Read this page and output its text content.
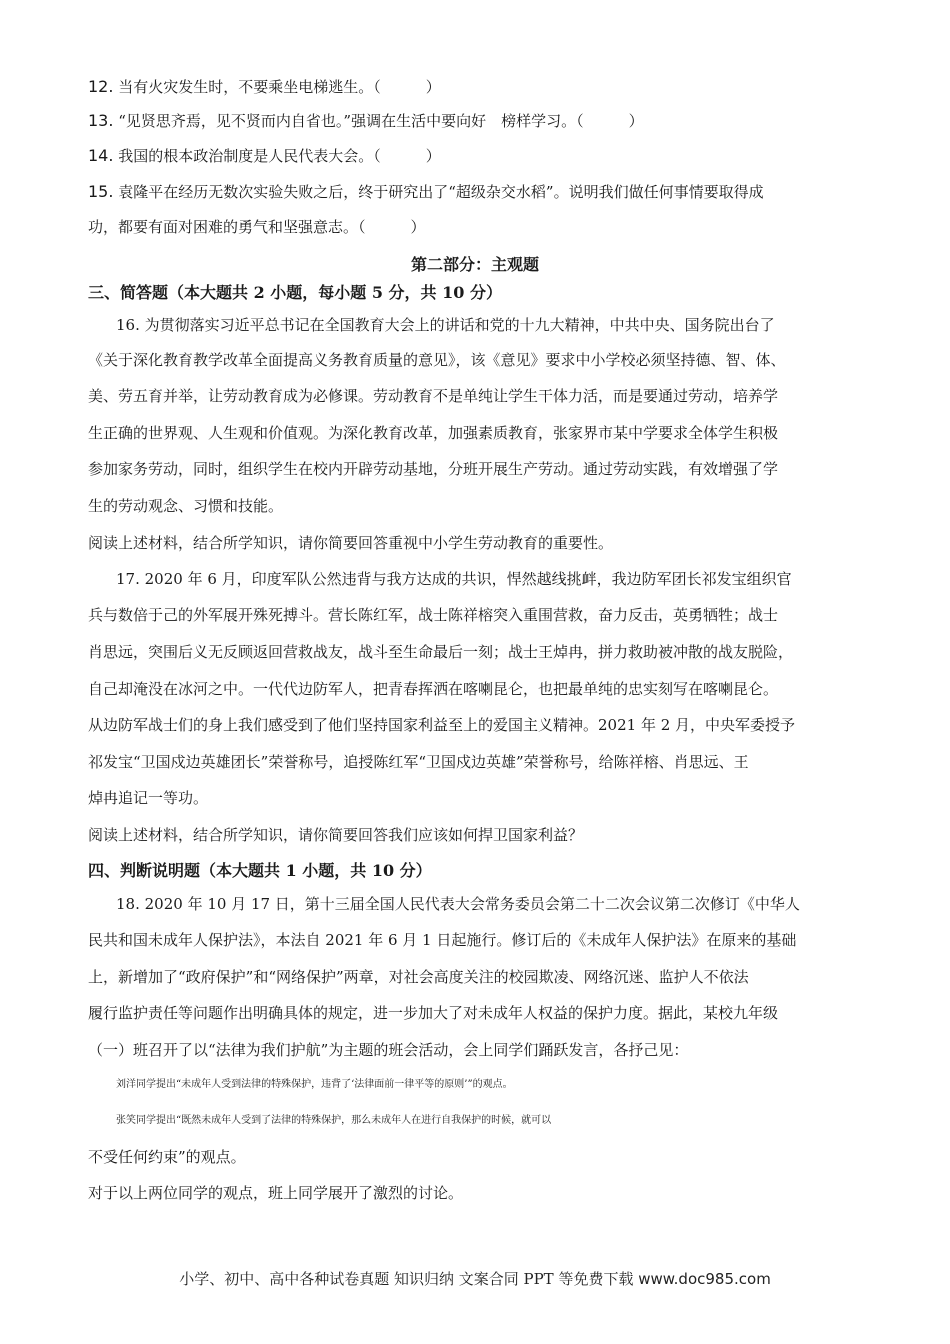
12. 当有火灾发生时，不要乘坐电梯逃生。（　　　）
13. “见贤思齐焉，见不贤而内自省也。”强调在生活中要向好　榜样学习。（　　　）
14. 我国的根本政治制度是人民代表大会。（　　　）
15. 袁隆平在经历无数次实验失败之后，终于研究出了“超级杂交水稻”。说明我们做任何事情要取得成
功，都要有面对困难的勇气和坚强意志。（　　　）
第二部分：主观题
三、简答题（本大题共 2 小题，每小题 5 分，共 10 分）
16. 为贯彻落实习近平总书记在全国教育大会上的讲话和党的十九大精神，中共中央、国务院出台了
《关于深化教育教学改革全面提高义务教育质量的意见》，该《意见》要求中小学校必须坚持德、智、体、
美、劳五育并举，让劳动教育成为必修课。劳动教育不是单纯让学生干体力活，而是要通过劳动，培养学
生正确的世界观、人生观和价值观。为深化教育改革，加强素质教育，张家界市某中学要求全体学生积极
参加家务劳动，同时，组织学生在校内开辟劳动基地，分班开展生产劳动。通过劳动实践，有效增强了学
生的劳动观念、习惯和技能。
阅读上述材料，结合所学知识，请你简要回答重视中小学生劳动教育的重要性。
17. 2020 年 6 月，印度军队公然违背与我方达成的共识，悍然越线挑衅，我边防军团长祁发宝组织官
兵与数倍于己的外军展开殊死搏斗。营长陈红军，战士陈祥榕突入重围营救，奋力反击，英勇牺牲；战士
肖思远，突围后义无反顾返回营救战友，战斗至生命最后一刻；战士王焯冉，拼力救助被冲散的战友脱险，
自己却淹没在冰河之中。一代代边防军人，把青春挥洒在喀喇昆仑，也把最单纯的忠实刻写在喀喇昆仑。
从边防军战士们的身上我们感受到了他们坚持国家利益至上的爱国主义精神。2021 年 2 月，中央军委授予
祁发宝“卫国戍边英雄团长”荣誉称号，追授陈红军“卫国戍边英雄”荣誉称号，给陈祥榕、肖思远、王
焯冉追记一等功。
阅读上述材料，结合所学知识，请你简要回答我们应该如何捍卫国家利益？
四、判断说明题（本大题共 1 小题，共 10 分）
18. 2020 年 10 月 17 日，第十三届全国人民代表大会常务委员会第二十二次会议第二次修订《中华人
民共和国未成年人保护法》，本法自 2021 年 6 月 1 日起施行。修订后的《未成年人保护法》在原来的基础
上，新增加了“政府保护”和“网络保护”两章，对社会高度关注的校园欺凌、网络沉迷、监护人不依法
履行监护责任等问题作出明确具体的规定，进一步加大了对未成年人权益的保护力度。据此，某校九年级
（一）班召开了以“法律为我们护航”为主题的班会活动，会上同学们踊跃发言，各抒己见：
刘洋同学提出“未成年人受到法律的特殊保护，违背了‘法律面前一律平等的原则’”的观点。
张笑同学提出“既然未成年人受到了法律的特殊保护，那么未成年人在进行自我保护的时候，就可以
不受任何约束”的观点。
对于以上两位同学的观点，班上同学展开了激烈的讨论。
小学、初中、高中各种试卷真题 知识归纳 文案合同 PPT 等免费下载 www.doc985.com
